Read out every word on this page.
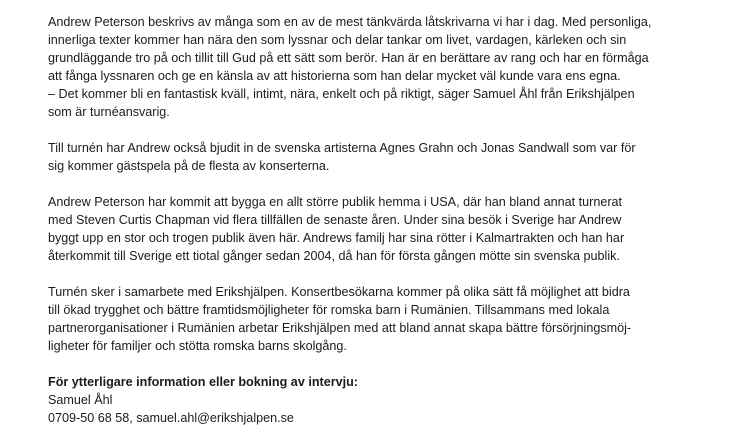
Andrew Peterson beskrivs av många som en av de mest tänkvärda låtskrivarna vi har i dag. Med personliga,
innerliga texter kommer han nära den som lyssnar och delar tankar om livet, vardagen, kärleken och sin
grundläggande tro på och tillit till Gud på ett sätt som berör. Han är en berättare av rang och har en förmåga
att fånga lyssnaren och ge en känsla av att historierna som han delar mycket väl kunde vara ens egna.
– Det kommer bli en fantastisk kväll, intimt, nära, enkelt och på riktigt, säger Samuel Åhl från Erikshjälpen
som är turnéansvarig.

Till turnén har Andrew också bjudit in de svenska artisterna Agnes Grahn och Jonas Sandwall som var för
sig kommer gästspela på de flesta av konserterna.

Andrew Peterson har kommit att bygga en allt större publik hemma i USA, där han bland annat turnerat
med Steven Curtis Chapman vid flera tillfällen de senaste åren. Under sina besök i Sverige har Andrew
byggt upp en stor och trogen publik även här. Andrews familj har sina rötter i Kalmartrakten och han har
återkommit till Sverige ett tiotal gånger sedan 2004, då han för första gången mötte sin svenska publik.

Turnén sker i samarbete med Erikshjälpen. Konsertbesökarna kommer på olika sätt få möjlighet att bidra
till ökad trygghet och bättre framtidsmöjligheter för romska barn i Rumänien. Tillsammans med lokala
partnerorganisationer i Rumänien arbetar Erikshjälpen med att bland annat skapa bättre försörjningsmöj-
ligheter för familjer och stötta romska barns skolgång.

För ytterligare information eller bokning av intervju:
Samuel Åhl
0709-50 68 58, samuel.ahl@erikshjalpen.se
